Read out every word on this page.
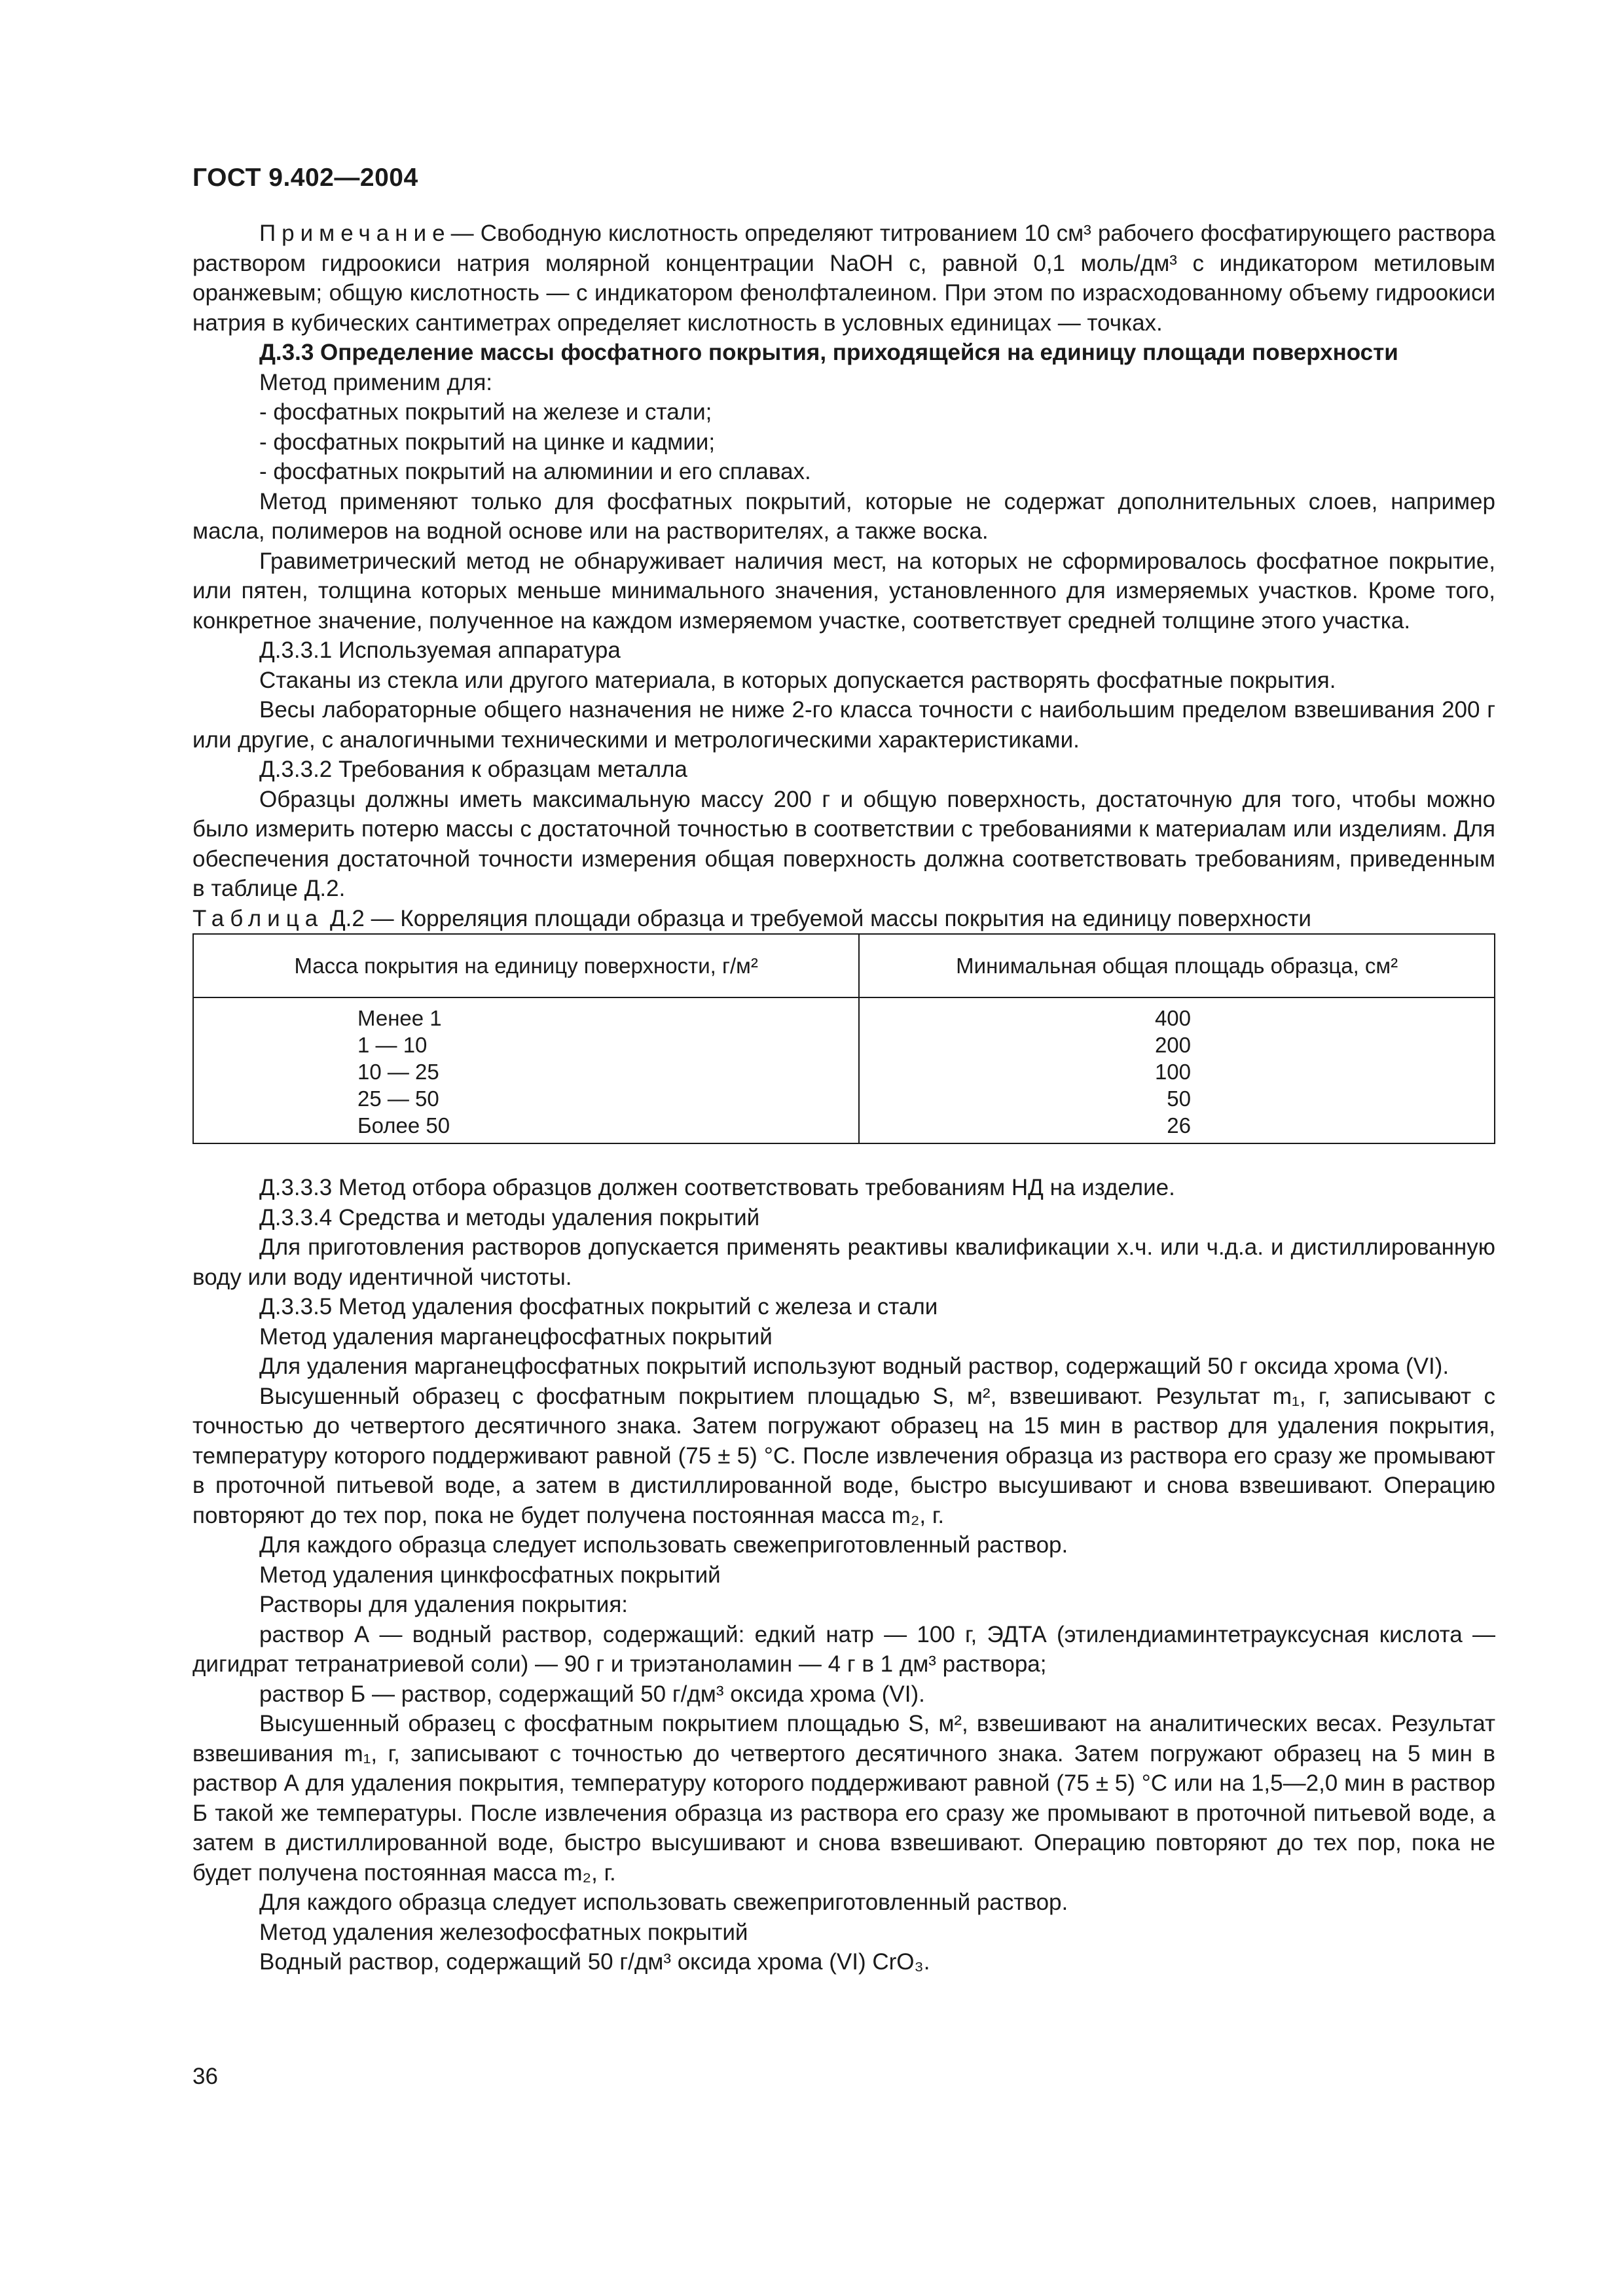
ГОСТ 9.402—2004

Примечание— Свободную кислотность определяют титрованием 10 см³ рабочего фосфатирующего раствора раствором гидроокиси натрия молярной концентрации NaOH c, равной 0,1 моль/дм³ с индикатором метиловым оранжевым; общую кислотность — с индикатором фенолфталеином. При этом по израсходованному объему гидроокиси натрия в кубических сантиметрах определяет кислотность в условных единицах — точках.

Д.3.3 Определение массы фосфатного покрытия, приходящейся на единицу площади поверхности

Метод применим для:

- фосфатных покрытий на железе и стали;

- фосфатных покрытий на цинке и кадмии;

- фосфатных покрытий на алюминии и его сплавах.

Метод применяют только для фосфатных покрытий, которые не содержат дополнительных слоев, например масла, полимеров на водной основе или на растворителях, а также воска.

Гравиметрический метод не обнаруживает наличия мест, на которых не сформировалось фосфатное покрытие, или пятен, толщина которых меньше минимального значения, установленного для измеряемых участков. Кроме того, конкретное значение, полученное на каждом измеряемом участке, соответствует средней толщине этого участка.

Д.3.3.1 Используемая аппаратура

Стаканы из стекла или другого материала, в которых допускается растворять фосфатные покрытия.

Весы лабораторные общего назначения не ниже 2-го класса точности с наибольшим пределом взвешивания 200 г или другие, с аналогичными техническими и метрологическими характеристиками.

Д.3.3.2 Требования к образцам металла

Образцы должны иметь максимальную массу 200 г и общую поверхность, достаточную для того, чтобы можно было измерить потерю массы с достаточной точностью в соответствии с требованиями к материалам или изделиям. Для обеспечения достаточной точности измерения общая поверхность должна соответствовать требованиям, приведенным в таблице Д.2.

Таблица Д.2 — Корреляция площади образца и требуемой массы покрытия на единицу поверхности

Масса покрытия на единицу поверхности, г/м²	Минимальная общая площадь образца, см²
Менее 1	400
1 — 10	200
10 — 25	100
25 — 50	50
Более 50	26

Д.3.3.3 Метод отбора образцов должен соответствовать требованиям НД на изделие.

Д.3.3.4 Средства и методы удаления покрытий

Для приготовления растворов допускается применять реактивы квалификации х.ч. или ч.д.а. и дистиллированную воду или воду идентичной чистоты.

Д.3.3.5 Метод удаления фосфатных покрытий с железа и стали

Метод удаления марганецфосфатных покрытий

Для удаления марганецфосфатных покрытий используют водный раствор, содержащий 50 г оксида хрома (VI).

Высушенный образец с фосфатным покрытием площадью S, м², взвешивают. Результат m₁, г, записывают с точностью до четвертого десятичного знака. Затем погружают образец на 15 мин в раствор для удаления покрытия, температуру которого поддерживают равной (75 ± 5) °С. После извлечения образца из раствора его сразу же промывают в проточной питьевой воде, а затем в дистиллированной воде, быстро высушивают и снова взвешивают. Операцию повторяют до тех пор, пока не будет получена постоянная масса m₂, г.

Для каждого образца следует использовать свежеприготовленный раствор.

Метод удаления цинкфосфатных покрытий

Растворы для удаления покрытия:

раствор А — водный раствор, содержащий: едкий натр — 100 г, ЭДТА (этилендиаминтетрауксусная кислота — дигидрат тетранатриевой соли) — 90 г и триэтаноламин — 4 г в 1 дм³ раствора;

раствор Б — раствор, содержащий 50 г/дм³ оксида хрома (VI).

Высушенный образец с фосфатным покрытием площадью S, м², взвешивают на аналитических весах. Результат взвешивания m₁, г, записывают с точностью до четвертого десятичного знака. Затем погружают образец на 5 мин в раствор А для удаления покрытия, температуру которого поддерживают равной (75 ± 5) °С или на 1,5—2,0 мин в раствор Б такой же температуры. После извлечения образца из раствора его сразу же промывают в проточной питьевой воде, а затем в дистиллированной воде, быстро высушивают и снова взвешивают. Операцию повторяют до тех пор, пока не будет получена постоянная масса m₂, г.

Для каждого образца следует использовать свежеприготовленный раствор.

Метод удаления железофосфатных покрытий

Водный раствор, содержащий 50 г/дм³ оксида хрома (VI) CrO₃.

36
